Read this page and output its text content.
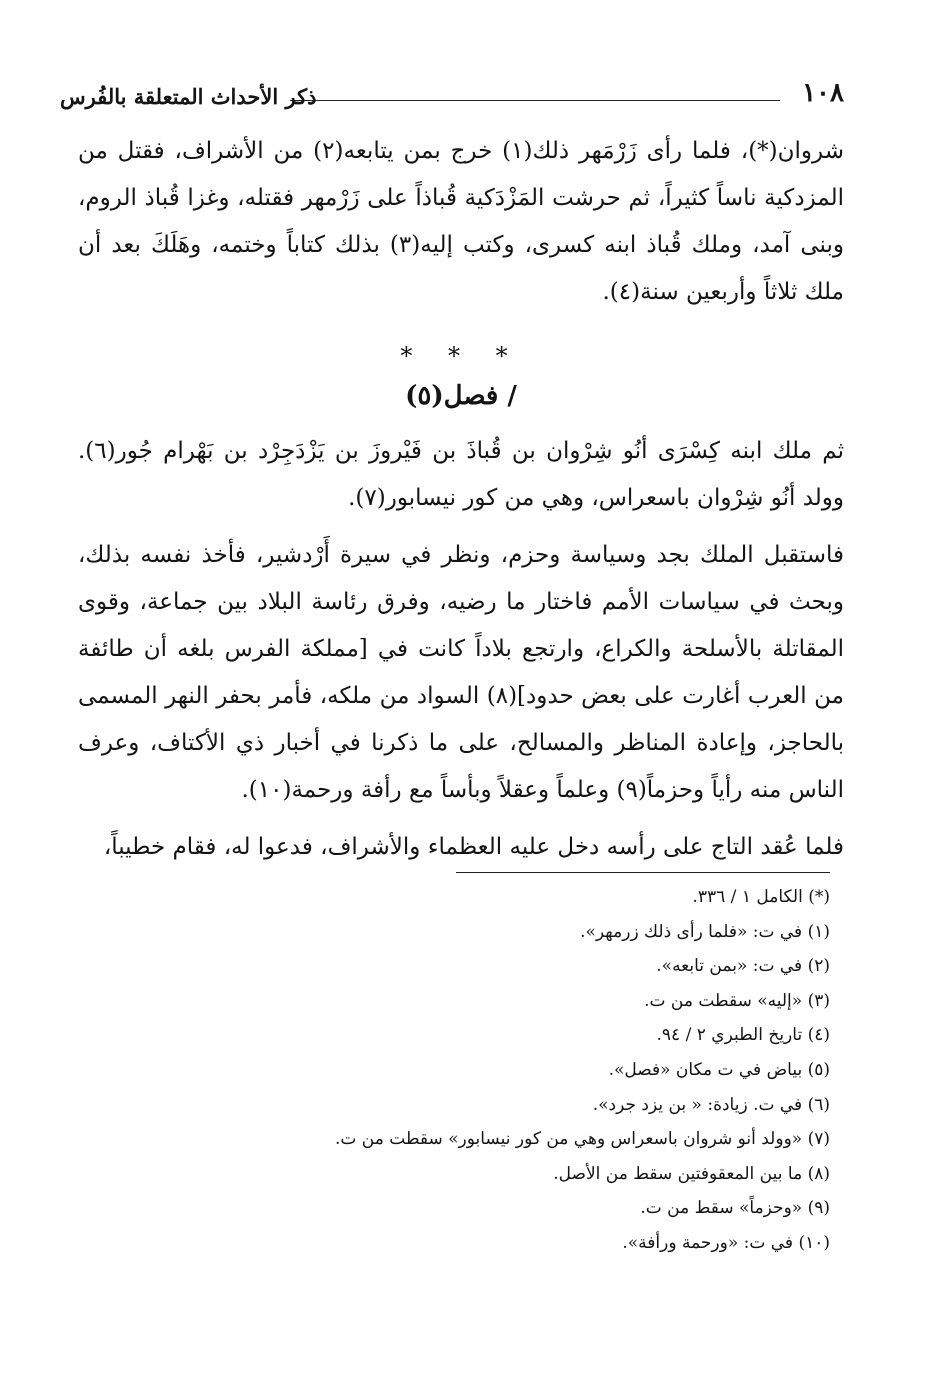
١٠٨
ذكر الأحداث المتعلقة بالفُرس

شروان(*)، فلما رأى زَرْمَهر ذلك(١) خرج بمن يتابعه(٢) من الأشراف، فقتل من المزدكية ناساً كثيراً، ثم حرشت المَزْدَكية قُباذاً على زَرْمهر فقتله، وغزا قُباذ الروم، وبنى آمد، وملك قُباذ ابنه كسرى، وكتب إليه(٣) بذلك كتاباً وختمه، وهَلَكَ بعد أن ملك ثلاثاً وأربعين سنة(٤).

* * *

/ فصل(٥)

ثم ملك ابنه كِسْرَى أنُو شِرْوان بن قُباذَ بن فَيْروزَ بن يَزْدَجِرْد بن بَهْرام جُور(٦). وولد أنُو شِرْوان باسعراس، وهي من كور نيسابور(٧).

فاستقبل الملك بجد وسياسة وحزم، ونظر في سيرة أَرْدشير، فأخذ نفسه بذلك، وبحث في سياسات الأمم فاختار ما رضيه، وفرق رئاسة البلاد بين جماعة، وقوى المقاتلة بالأسلحة والكراع، وارتجع بلاداً كانت في [مملكة الفرس بلغه أن طائفة من العرب أغارت على بعض حدود](٨) السواد من ملكه، فأمر بحفر النهر المسمى بالحاجز، وإعادة المناظر والمسالح، على ما ذكرنا في أخبار ذي الأكتاف، وعرف الناس منه رأياً وحزماً(٩) وعلماً وعقلاً وبأساً مع رأفة ورحمة(١٠).

فلما عُقد التاج على رأسه دخل عليه العظماء والأشراف، فدعوا له، فقام خطيباً،

(*) الكامل ١ / ٣٣٦.

(١) في ت: «فلما رأى ذلك زرمهر».

(٢) في ت: «بمن تابعه».

(٣) «إليه» سقطت من ت.

(٤) تاريخ الطبري ٢ / ٩٤.

(٥) بياض في ت مكان «فصل».

(٦) في ت. زيادة: « بن يزد جرد».

(٧) «وولد أنو شروان باسعراس وهي من كور نيسابور» سقطت من ت.

(٨) ما بين المعقوفتين سقط من الأصل.

(٩) «وحزماً» سقط من ت.

(١٠) في ت: «ورحمة ورأفة».
